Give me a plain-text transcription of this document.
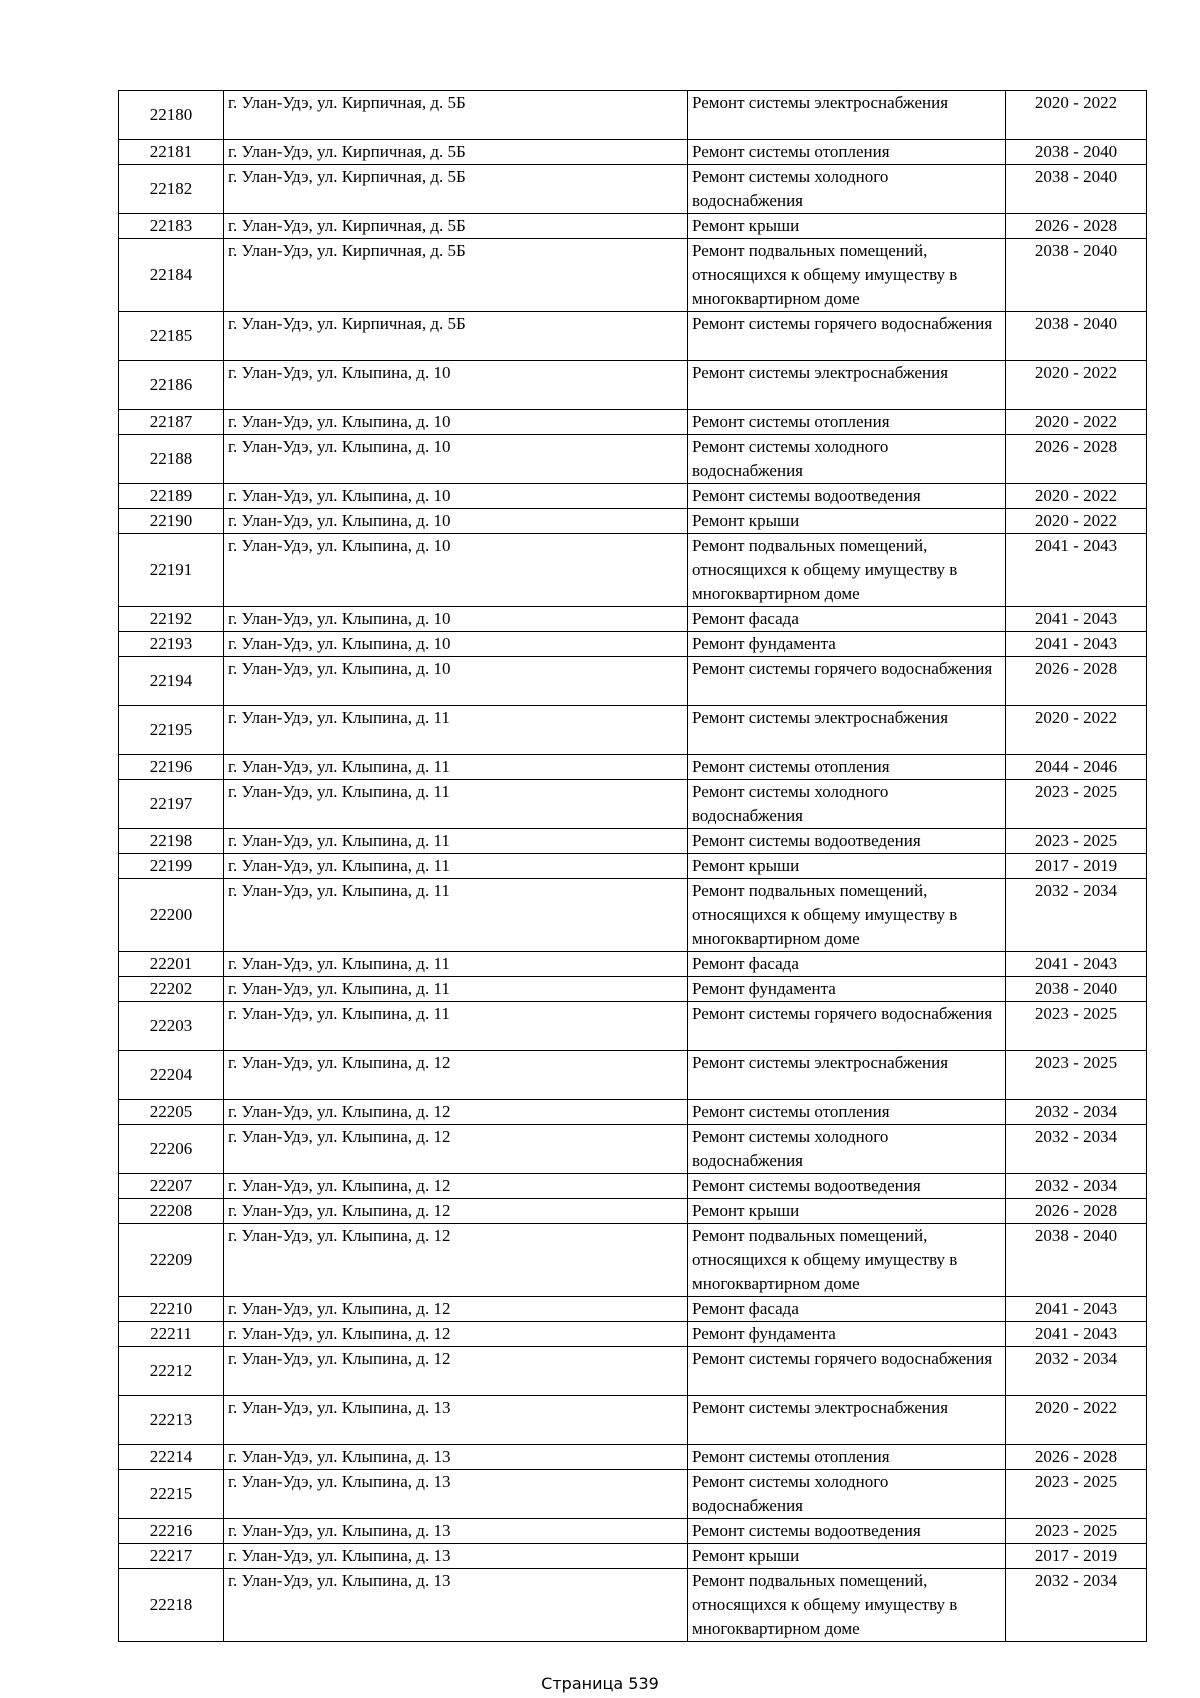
22180	г. Улан-Удэ, ул. Кирпичная, д. 5Б	Ремонт системы электроснабжения	2020 - 2022
22181	г. Улан-Удэ, ул. Кирпичная, д. 5Б	Ремонт системы отопления	2038 - 2040
22182	г. Улан-Удэ, ул. Кирпичная, д. 5Б	Ремонт системы холодного водоснабжения	2038 - 2040
22183	г. Улан-Удэ, ул. Кирпичная, д. 5Б	Ремонт крыши	2026 - 2028
22184	г. Улан-Удэ, ул. Кирпичная, д. 5Б	Ремонт подвальных помещений, относящихся к общему имуществу в многоквартирном доме	2038 - 2040
22185	г. Улан-Удэ, ул. Кирпичная, д. 5Б	Ремонт системы горячего водоснабжения	2038 - 2040
22186	г. Улан-Удэ, ул. Клыпина, д. 10	Ремонт системы электроснабжения	2020 - 2022
22187	г. Улан-Удэ, ул. Клыпина, д. 10	Ремонт системы отопления	2020 - 2022
22188	г. Улан-Удэ, ул. Клыпина, д. 10	Ремонт системы холодного водоснабжения	2026 - 2028
22189	г. Улан-Удэ, ул. Клыпина, д. 10	Ремонт системы водоотведения	2020 - 2022
22190	г. Улан-Удэ, ул. Клыпина, д. 10	Ремонт крыши	2020 - 2022
22191	г. Улан-Удэ, ул. Клыпина, д. 10	Ремонт подвальных помещений, относящихся к общему имуществу в многоквартирном доме	2041 - 2043
22192	г. Улан-Удэ, ул. Клыпина, д. 10	Ремонт фасада	2041 - 2043
22193	г. Улан-Удэ, ул. Клыпина, д. 10	Ремонт фундамента	2041 - 2043
22194	г. Улан-Удэ, ул. Клыпина, д. 10	Ремонт системы горячего водоснабжения	2026 - 2028
22195	г. Улан-Удэ, ул. Клыпина, д. 11	Ремонт системы электроснабжения	2020 - 2022
22196	г. Улан-Удэ, ул. Клыпина, д. 11	Ремонт системы отопления	2044 - 2046
22197	г. Улан-Удэ, ул. Клыпина, д. 11	Ремонт системы холодного водоснабжения	2023 - 2025
22198	г. Улан-Удэ, ул. Клыпина, д. 11	Ремонт системы водоотведения	2023 - 2025
22199	г. Улан-Удэ, ул. Клыпина, д. 11	Ремонт крыши	2017 - 2019
22200	г. Улан-Удэ, ул. Клыпина, д. 11	Ремонт подвальных помещений, относящихся к общему имуществу в многоквартирном доме	2032 - 2034
22201	г. Улан-Удэ, ул. Клыпина, д. 11	Ремонт фасада	2041 - 2043
22202	г. Улан-Удэ, ул. Клыпина, д. 11	Ремонт фундамента	2038 - 2040
22203	г. Улан-Удэ, ул. Клыпина, д. 11	Ремонт системы горячего водоснабжения	2023 - 2025
22204	г. Улан-Удэ, ул. Клыпина, д. 12	Ремонт системы электроснабжения	2023 - 2025
22205	г. Улан-Удэ, ул. Клыпина, д. 12	Ремонт системы отопления	2032 - 2034
22206	г. Улан-Удэ, ул. Клыпина, д. 12	Ремонт системы холодного водоснабжения	2032 - 2034
22207	г. Улан-Удэ, ул. Клыпина, д. 12	Ремонт системы водоотведения	2032 - 2034
22208	г. Улан-Удэ, ул. Клыпина, д. 12	Ремонт крыши	2026 - 2028
22209	г. Улан-Удэ, ул. Клыпина, д. 12	Ремонт подвальных помещений, относящихся к общему имуществу в многоквартирном доме	2038 - 2040
22210	г. Улан-Удэ, ул. Клыпина, д. 12	Ремонт фасада	2041 - 2043
22211	г. Улан-Удэ, ул. Клыпина, д. 12	Ремонт фундамента	2041 - 2043
22212	г. Улан-Удэ, ул. Клыпина, д. 12	Ремонт системы горячего водоснабжения	2032 - 2034
22213	г. Улан-Удэ, ул. Клыпина, д. 13	Ремонт системы электроснабжения	2020 - 2022
22214	г. Улан-Удэ, ул. Клыпина, д. 13	Ремонт системы отопления	2026 - 2028
22215	г. Улан-Удэ, ул. Клыпина, д. 13	Ремонт системы холодного водоснабжения	2023 - 2025
22216	г. Улан-Удэ, ул. Клыпина, д. 13	Ремонт системы водоотведения	2023 - 2025
22217	г. Улан-Удэ, ул. Клыпина, д. 13	Ремонт крыши	2017 - 2019
22218	г. Улан-Удэ, ул. Клыпина, д. 13	Ремонт подвальных помещений, относящихся к общему имуществу в многоквартирном доме	2032 - 2034
Страница 539
